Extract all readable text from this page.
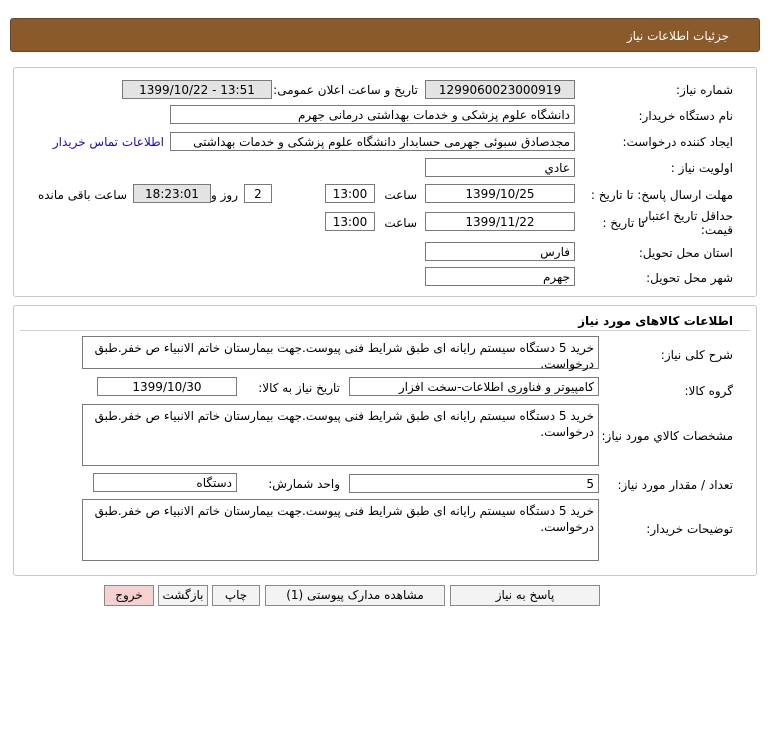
جزئیات اطلاعات نیاز
شماره نیاز:
1299060023000919
تاریخ و ساعت اعلان عمومی:
1399/10/22 - 13:51
نام دستگاه خریدار:
دانشگاه علوم پزشکی و خدمات بهداشتی درمانی جهرم
ایجاد کننده درخواست:
مجدصادق سبوئی جهرمی حسابدار دانشگاه علوم پزشکی و خدمات بهداشتی
اطلاعات تماس خریدار
اولویت نیاز :
عادي
مهلت ارسال پاسخ: تا تاریخ :
1399/10/25
ساعت
13:00
2
روز و
18:23:01
ساعت باقی مانده
حداقل تاریخ اعتبار قیمت:
تا تاریخ :
1399/11/22
ساعت
13:00
استان محل تحویل:
فارس
شهر محل تحویل:
جهرم
اطلاعات کالاهای مورد نیاز
شرح کلی نیاز:
خرید 5 دستگاه سیستم رایانه ای طبق شرایط فنی پیوست.جهت بیمارستان خاتم الانبیاء ص خفر.طبق درخواست.
گروه کالا:
کامپیوتر و فناوری اطلاعات-سخت افزار
تاریخ نیاز به کالا:
1399/10/30
مشخصات کالاي مورد نیاز:
خرید 5 دستگاه سیستم رایانه ای طبق شرایط فنی پیوست.جهت بیمارستان خاتم الانبیاء ص خفر.طبق درخواست.
تعداد / مقدار مورد نیاز:
5
واحد شمارش:
دستگاه
توضیحات خریدار:
خرید 5 دستگاه سیستم رایانه ای طبق شرایط فنی پیوست.جهت بیمارستان خاتم الانبیاء ص خفر.طبق درخواست.
پاسخ به نیاز
مشاهده مدارک پیوستی (1)
چاپ
بازگشت
خروج
